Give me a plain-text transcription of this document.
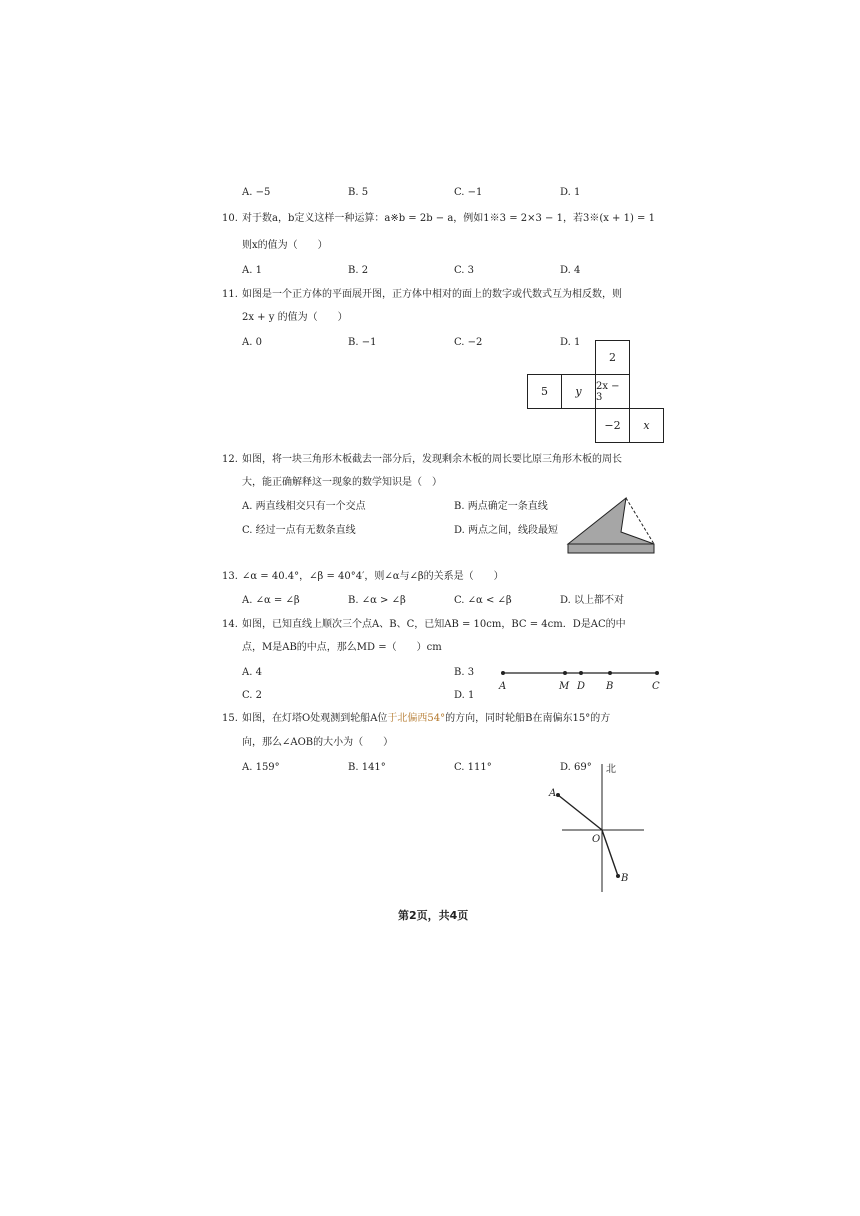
A. −5	B. 5	C. −1	D. 1
10. 对于数a，b定义这样一种运算：a※b = 2b − a，例如1※3 = 2×3 − 1，若3※(x + 1) = 1
则x的值为（　　）
A. 1	B. 2	C. 3	D. 4
11. 如图是一个正方体的平面展开图，正方体中相对的面上的数字或代数式互为相反数，则
2x + y 的值为（　　）
A. 0	B. −1	C. −2	D. 1
2
5	y	2x − 3
−2	x
12. 如图，将一块三角形木板截去一部分后，发现剩余木板的周长要比原三角形木板的周长
大，能正确解释这一现象的数学知识是（　）
A. 两直线相交只有一个交点	B. 两点确定一条直线
C. 经过一点有无数条直线	D. 两点之间，线段最短
13. ∠α = 40.4°，∠β = 40°4′，则∠α与∠β的关系是（　　）
A. ∠α = ∠β	B. ∠α > ∠β	C. ∠α < ∠β	D. 以上都不对
14. 如图，已知直线上顺次三个点A、B、C，已知AB = 10cm，BC = 4cm．D是AC的中
点，M是AB的中点，那么MD =（　　）cm
A. 4	B. 3
C. 2	D. 1
A	M D B	C
15. 如图，在灯塔O处观测到轮船A位于北偏西54°的方向，同时轮船B在南偏东15°的方
向，那么∠AOB的大小为（　　）
A. 159°	B. 141°	C. 111°	D. 69° 北
A
O
B
第2页，共4页
